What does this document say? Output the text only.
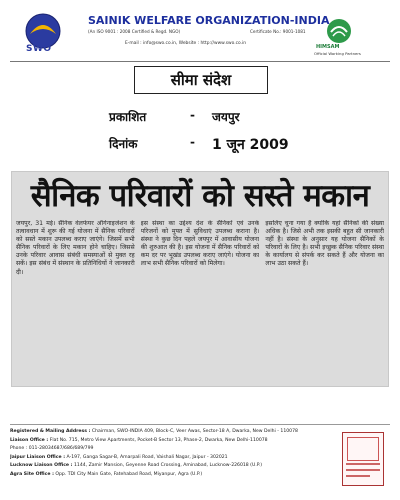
SWO
SAINIK WELFARE ORGANIZATION-INDIA
(An ISO 9001 : 2008 Certified & Regd. NGO)	Certificate No.: 9001-1081
E-mail : info@swo.co.in, Website : http://www.swo.co.in
HIMSAM
Official Working Partners
सीमा संदेश
प्रकाशित	- जयपुर
दिनांक	- 1 जून 2009
सैनिक परिवारों को सस्ते मकान

जयपुर, 31 मई। सैनिक वेलफेयर ऑर्गनाइजेशन के तत्वावधान में शुरू की गई योजना में सैनिक परिवारों को सस्ते मकान उपलब्ध कराए जाएंगे। जिसमें सभी सैनिक परिवारों के लिए मकान होने चाहिए। जिससे उनके परिवार आवास संबंधी समस्याओं से मुक्त रह सकें। इस संबंध में संस्थान के प्रतिनिधियों ने जानकारी दी।

इस संस्था का उद्देश्य देश के सैनिकों एवं उनके परिजनों को मुफ्त में सुविधाएं उपलब्ध कराना है। संस्था ने कुछ दिन पहले जयपुर में आवासीय योजना की शुरुआत की है। इस योजना में सैनिक परिवारों को कम दर पर भूखंड उपलब्ध कराए जाएंगे। योजना का लाभ सभी सैनिक परिवारों को मिलेगा।

इसलिए चुना गया है क्योंकि यहां सैनिकों की संख्या अधिक है। जिसे अभी तक इसकी बहुत सी जानकारी नहीं है। संस्था के अनुसार यह योजना सैनिकों के परिवारों के लिए है। सभी इच्छुक सैनिक परिवार संस्था के कार्यालय से संपर्क कर सकते हैं और योजना का लाभ उठा सकते हैं।

Registered & Mailing Address : Chairman, SWO-INDIA 409, Block-C, Veer Awas, Sector-18 A, Dwarka, New Delhi - 110078
Liaison Office : Flat No. 715, Metro View Apartments, Pocket-B Sector 13, Phase-2, Dwarka, New Delhi-110078
Phone : 011-28034687/686/689/799
Jaipur Liaison Office : A-197, Ganga Sagar-B, Amarpali Road, Vaishali Nagar, Jaipur - 302021
Lucknow Liaison Office : 1144, Zamir Mansion, Geyenne Road Crossing, Aminabad, Lucknow-226018 (U.P.)
Agra Site Office : Opp. TDI City Main Gate, Fatehabad Road, Miyanpur, Agra (U.P.)
